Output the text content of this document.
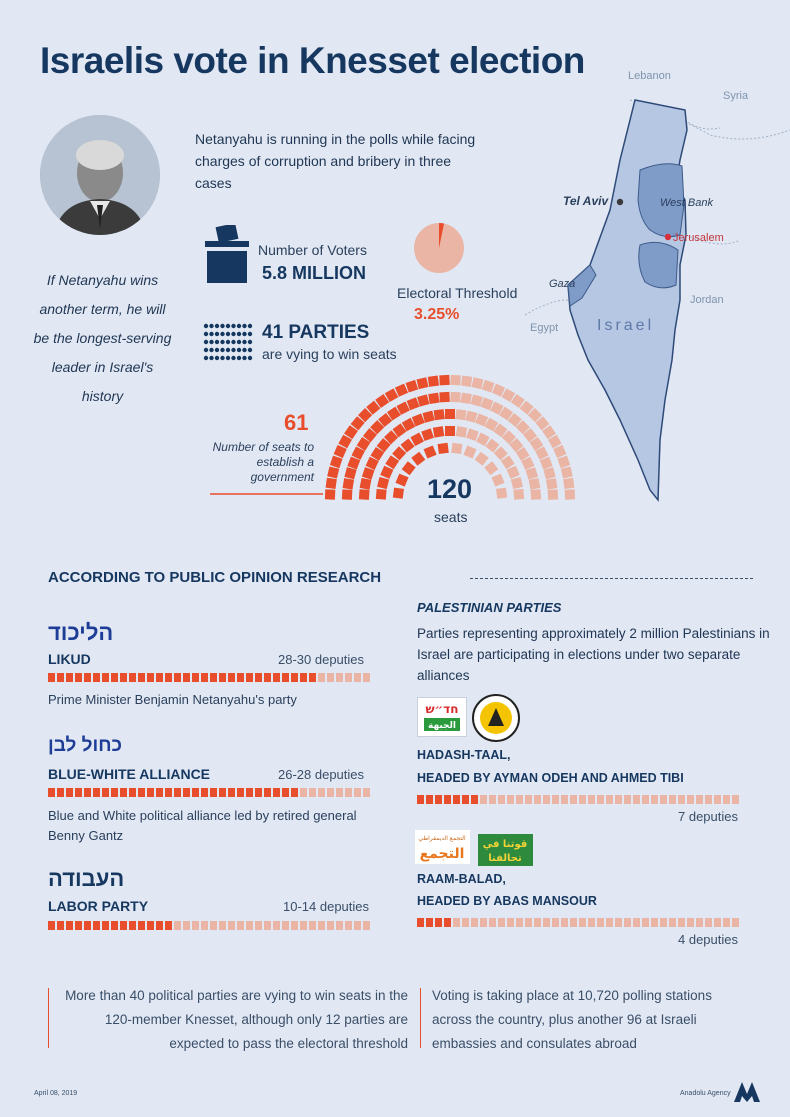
Israelis vote in Knesset election
Netanyahu is running in the polls while facing charges of corruption and bribery in three cases
If Netanyahu wins another term, he will be the longest-serving leader in Israel's history
Number of Voters
5.8 MILLION
Electoral Threshold
3.25%
41 PARTIES
are vying to win seats
61
Number of seats to establish a government	120
seats
Lebanon
Syria
Tel Aviv	West Bank
Jerusalem
Gaza
Jordan
Egypt Israel
ACCORDING TO PUBLIC OPINION RESEARCH
הליכוד
LIKUD	28-30 deputies
Prime Minister Benjamin Netanyahu's party
כחול לבן
BLUE-WHITE ALLIANCE	26-28 deputies
Blue and White political alliance led by retired general Benny Gantz
העבודה
LABOR PARTY	10-14 deputies
PALESTINIAN PARTIES
Parties representing approximately 2 million Palestinians in Israel are participating in elections under two separate alliances
חד״ש
الجبهة
HADASH-TAAL,
HEADED BY AYMAN ODEH AND AHMED TIBI
7 deputies
التجمع الديمقراطي
التجمع
قوتنا في
تحالفنا
RAAM-BALAD,
HEADED BY ABAS MANSOUR
4 deputies
More than 40 political parties are vying to win seats in the 120-member Knesset, although only 12 parties are expected to pass the electoral threshold
Voting is taking place at 10,720 polling stations across the country, plus another 96 at Israeli embassies and consulates abroad
April 08, 2019	Anadolu Agency
